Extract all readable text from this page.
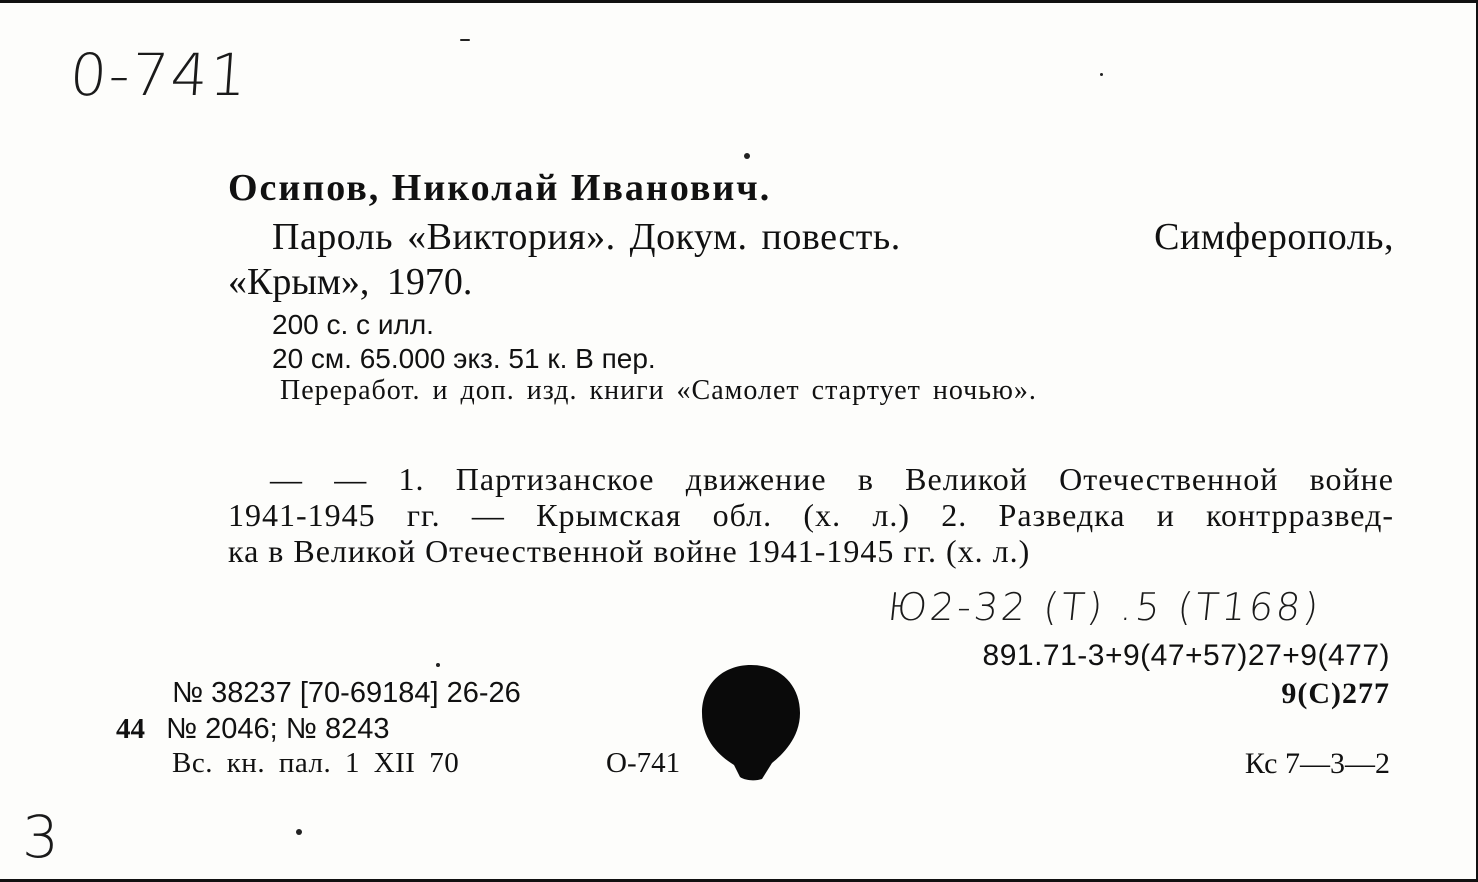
0-741
Осипов, Николай Иванович.
Пароль «Виктория». Докум. повесть.	Симферополь,
«Крым», 1970.
200 с. с илл.
20 см. 65.000 экз. 51 к. В пер.
Переработ. и доп. изд. книги «Самолет стартует ночью».
— — 1. Партизанское движение в Великой Отечественной войне
1941-1945 гг. — Крымская обл. (х. л.) 2. Разведка и контрразвед-
ка в Великой Отечественной войне 1941-1945 гг. (х. л.)
Ю2-32 (Т) .5 (Т168)
891.71-3+9(47+57)27+9(477)
9(С)277
№ 38237 [70-69184] 26-26
44 № 2046; № 8243
Вс. кн. пал. 1 XII 70	О-741	Кс 7—3—2
3
